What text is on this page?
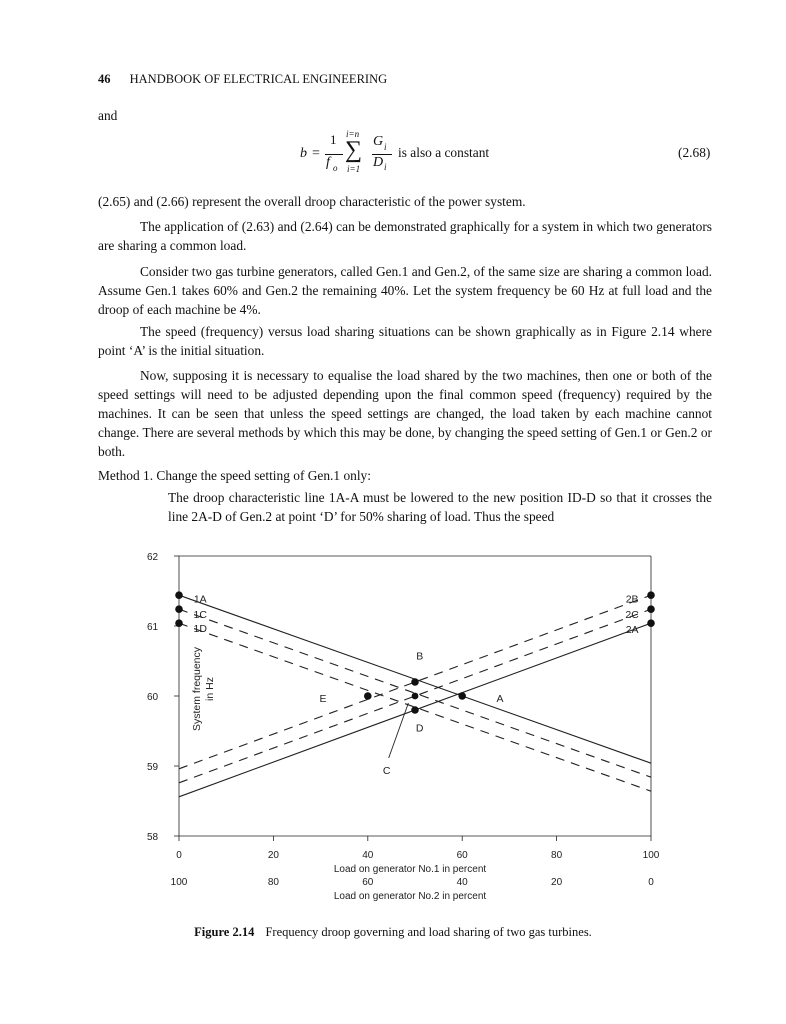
46 HANDBOOK OF ELECTRICAL ENGINEERING
and
b =
1
f o
i=n
∑
i=1
G i
D i
is also a constant	(2.68)
(2.65) and (2.66) represent the overall droop characteristic of the power system.
The application of (2.63) and (2.64) can be demonstrated graphically for a system in which two generators are sharing a common load.
Consider two gas turbine generators, called Gen.1 and Gen.2, of the same size are sharing a common load. Assume Gen.1 takes 60% and Gen.2 the remaining 40%. Let the system frequency be 60 Hz at full load and the droop of each machine be 4%.
The speed (frequency) versus load sharing situations can be shown graphically as in Figure 2.14 where point ‘A’ is the initial situation.
Now, supposing it is necessary to equalise the load shared by the two machines, then one or both of the speed settings will need to be adjusted depending upon the final common speed (frequency) required by the machines. It can be seen that unless the speed settings are changed, the load taken by each machine cannot change. There are several methods by which this may be done, by changing the speed setting of Gen.1 or Gen.2 or both.
Method 1. Change the speed setting of Gen.1 only:
The droop characteristic line 1A-A must be lowered to the new position ID-D so that it crosses the line 2A-D of Gen.2 at point ‘D’ for 50% sharing of load. Thus the speed
58
59
60
61
62
0
100
20
80
40
60
60
40
80
20
100
0
Load on generator No.1 in percent
Load on generator No.2 in percent
System frequency in Hz	E
B
A
D
C
1A
1C
1D
2B
2C
2A
Figure 2.14 Frequency droop governing and load sharing of two gas turbines.
